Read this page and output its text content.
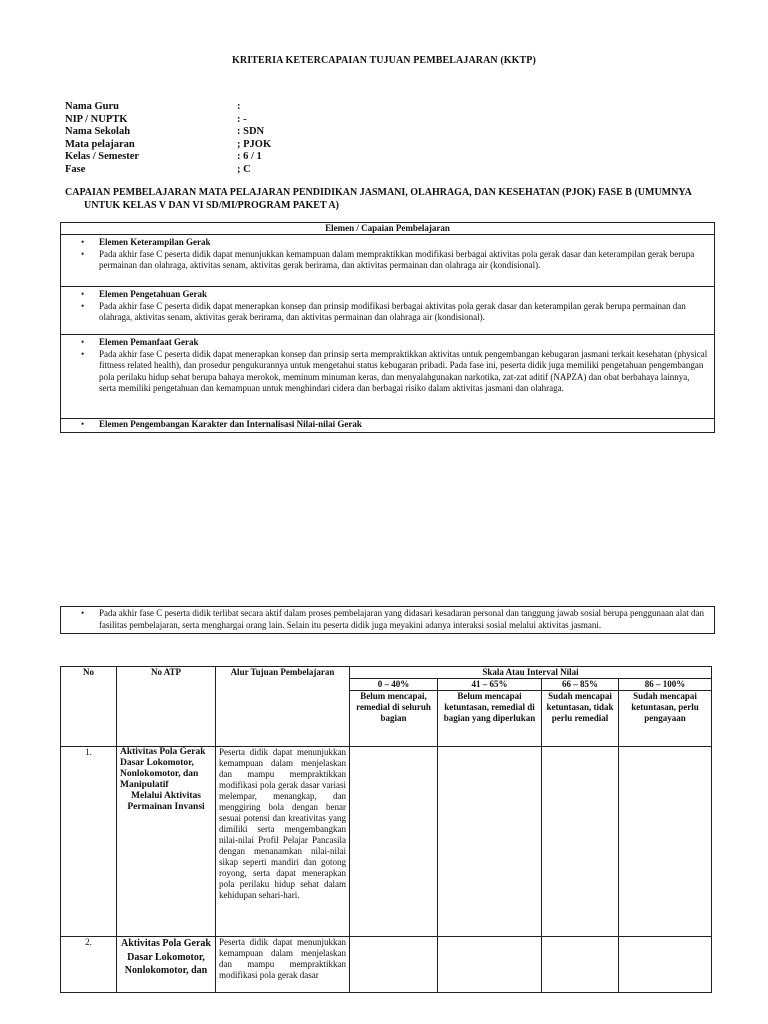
KRITERIA KETERCAPAIAN TUJUAN PEMBELAJARAN (KKTP)
Nama Guru	:
NIP / NUPTK	: -
Nama Sekolah	: SDN
Mata pelajaran	; PJOK
Kelas / Semester	: 6 / 1
Fase	; C
CAPAIAN PEMBELAJARAN MATA PELAJARAN PENDIDIKAN JASMANI, OLAHRAGA, DAN KESEHATAN (PJOK) FASE B (UMUMNYA
UNTUK KELAS V DAN VI SD/MI/PROGRAM PAKET A)
Elemen / Capaian Pembelajaran
• Elemen Keterampilan Gerak
• Pada akhir fase C peserta didik dapat menunjukkan kemampuan dalam mempraktikkan modifikasi berbagai aktivitas pola gerak dasar dan keterampilan gerak berupa permainan dan olahraga, aktivitas senam, aktivitas gerak berirama, dan aktivitas permainan dan olahraga air (kondisional).
• Elemen Pengetahuan Gerak
• Pada akhir fase C peserta didik dapat menerapkan konsep dan prinsip modifikasi berbagai aktivitas pola gerak dasar dan keterampilan gerak berupa permainan dan olahraga, aktivitas senam, aktivitas gerak berirama, dan aktivitas permainan dan olahraga air (kondisional).
• Elemen Pemanfaat Gerak
• Pada akhir fase C peserta didik dapat menerapkan konsep dan prinsip serta mempraktikkan aktivitas untuk pengembangan kebugaran jasmani terkait kesehatan (physical fittness related health), dan prosedur pengukurannya untuk mengetahui status kebugaran pribadi. Pada fase ini, peserta didik juga memiliki pengetahuan pengembangan pola perilaku hidup sehat berupa bahaya merokok, meminum minuman keras, dan menyalahgunakan narkotika, zat-zat aditif (NAPZA) dan obat berbahaya lainnya, serta memiliki pengetahuan dan kemampuan untuk menghindari cidera dan berbagai risiko dalam aktivitas jasmani dan olahraga.
• Elemen Pengembangan Karakter dan Internalisasi Nilai-nilai Gerak
• Pada akhir fase C peserta didik terlibat secara aktif dalam proses pembelajaran yang didasari kesadaran personal dan tanggung jawab sosial berupa penggunaan alat dan fasilitas pembelajaran, serta menghargai orang lain. Selain itu peserta didik juga meyakini adanya interaksi sosial melalui aktivitas jasmani.
No	No ATP	Alur Tujuan Pembelajaran	Skala Atau Interval Nilai			
			0 – 40%	41 – 65%	66 – 85%	86 – 100%
			Belum mencapai, remedial di seluruh bagian	Belum mencapai ketuntasan, remedial di bagian yang diperlukan	Sudah mencapai ketuntasan, tidak perlu remedial	Sudah mencapai ketuntasan, perlu pengayaan
1.	Aktivitas Pola Gerak Dasar Lokomotor, Nonlokomotor, dan Manipulatif
Melalui Aktivitas Permainan Invansi	Peserta didik dapat menunjukkan kemampuan dalam menjelaskan dan mampu mempraktikkan modifikasi pola gerak dasar variasi melempar, menangkap, dan menggiring bola dengan benar sesuai potensi dan kreativitas yang dimiliki serta mengembangkan nilai-nilai Profil Pelajar Pancasila dengan menanamkan nilai-nilai sikap seperti mandiri dan gotong royong, serta dapat menerapkan pola perilaku hidup sehat dalam kehidupan sehari-hari.				
2.	Aktivitas Pola Gerak Dasar Lokomotor, Nonlokomotor, dan	Peserta didik dapat menunjukkan kemampuan dalam menjelaskan dan mampu mempraktikkan modifikasi pola gerak dasar				
